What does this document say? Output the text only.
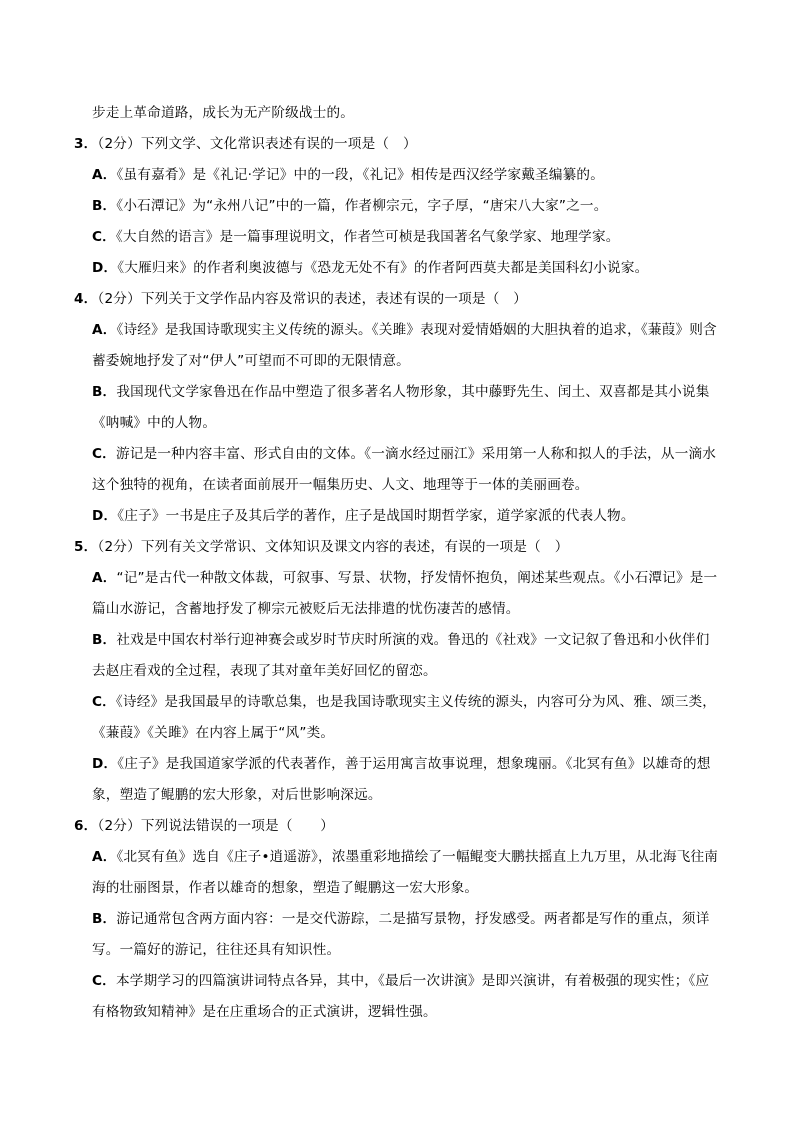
步走上革命道路，成长为无产阶级战士的。
3．（2分）下列文学、文化常识表述有误的一项是（　）
A．《虽有嘉肴》是《礼记·学记》中的一段，《礼记》相传是西汉经学家戴圣编纂的。
B．《小石潭记》为“永州八记”中的一篇，作者柳宗元，字子厚，“唐宋八大家”之一。
C．《大自然的语言》是一篇事理说明文，作者竺可桢是我国著名气象学家、地理学家。
D．《大雁归来》的作者利奥波德与《恐龙无处不有》的作者阿西莫夫都是美国科幻小说家。
4．（2分）下列关于文学作品内容及常识的表述，表述有误的一项是（　）
A．《诗经》是我国诗歌现实主义传统的源头。《关雎》表现对爱情婚姻的大胆执着的追求，《蒹葭》则含
蓄委婉地抒发了对“伊人”可望而不可即的无限情意。
B．我国现代文学家鲁迅在作品中塑造了很多著名人物形象，其中藤野先生、闰土、双喜都是其小说集
《呐喊》中的人物。
C．游记是一种内容丰富、形式自由的文体。《一滴水经过丽江》采用第一人称和拟人的手法，从一滴水
这个独特的视角，在读者面前展开一幅集历史、人文、地理等于一体的美丽画卷。
D．《庄子》一书是庄子及其后学的著作，庄子是战国时期哲学家，道学家派的代表人物。
5．（2分）下列有关文学常识、文体知识及课文内容的表述，有误的一项是（　）
A．“记”是古代一种散文体裁，可叙事、写景、状物，抒发情怀抱负，阐述某些观点。《小石潭记》是一
篇山水游记，含蓄地抒发了柳宗元被贬后无法排遣的忧伤凄苦的感情。
B．社戏是中国农村举行迎神赛会或岁时节庆时所演的戏。鲁迅的《社戏》一文记叙了鲁迅和小伙伴们
去赵庄看戏的全过程，表现了其对童年美好回忆的留恋。
C．《诗经》是我国最早的诗歌总集，也是我国诗歌现实主义传统的源头，内容可分为风、雅、颂三类，
《蒹葭》《关雎》在内容上属于“风”类。
D．《庄子》是我国道家学派的代表著作，善于运用寓言故事说理，想象瑰丽。《北冥有鱼》以雄奇的想
象，塑造了鲲鹏的宏大形象，对后世影响深远。
6．（2分）下列说法错误的一项是（　　）
A．《北冥有鱼》选自《庄子•逍遥游》，浓墨重彩地描绘了一幅鲲变大鹏扶摇直上九万里，从北海飞往南
海的壮丽图景，作者以雄奇的想象，塑造了鲲鹏这一宏大形象。
B．游记通常包含两方面内容：一是交代游踪，二是描写景物，抒发感受。两者都是写作的重点，须详
写。一篇好的游记，往往还具有知识性。
C．本学期学习的四篇演讲词特点各异，其中，《最后一次讲演》是即兴演讲，有着极强的现实性；《应
有格物致知精神》是在庄重场合的正式演讲，逻辑性强。
